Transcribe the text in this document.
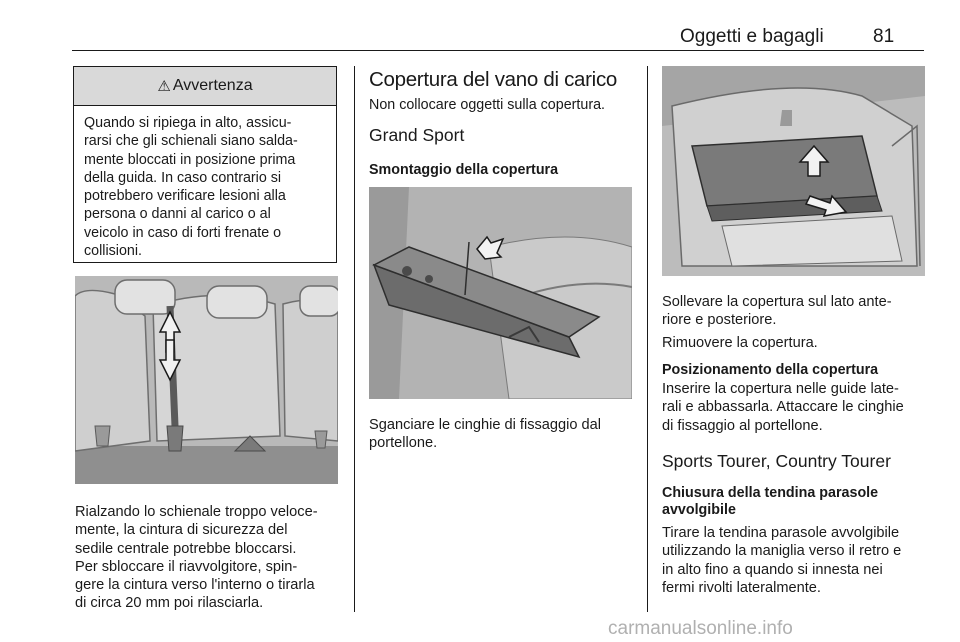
Oggetti e bagagli	81
⚠ Avvertenza
Quando si ripiega in alto, assicu-
rarsi che gli schienali siano salda-
mente bloccati in posizione prima
della guida. In caso contrario si
potrebbero verificare lesioni alla
persona o danni al carico o al
veicolo in caso di forti frenate o
collisioni.
Rialzando lo schienale troppo veloce-
mente, la cintura di sicurezza del
sedile centrale potrebbe bloccarsi.
Per sbloccare il riavvolgitore, spin-
gere la cintura verso l'interno o tirarla
di circa 20 mm poi rilasciarla.
Copertura del vano di carico
Non collocare oggetti sulla copertura.
Grand Sport
Smontaggio della copertura
Sganciare le cinghie di fissaggio dal
portellone.
Sollevare la copertura sul lato ante-
riore e posteriore.
Rimuovere la copertura.
Posizionamento della copertura
Inserire la copertura nelle guide late-
rali e abbassarla. Attaccare le cinghie
di fissaggio al portellone.
Sports Tourer, Country Tourer
Chiusura della tendina parasole
avvolgibile
Tirare la tendina parasole avvolgibile
utilizzando la maniglia verso il retro e
in alto fino a quando si innesta nei
fermi rivolti lateralmente.
carmanualsonline.info
